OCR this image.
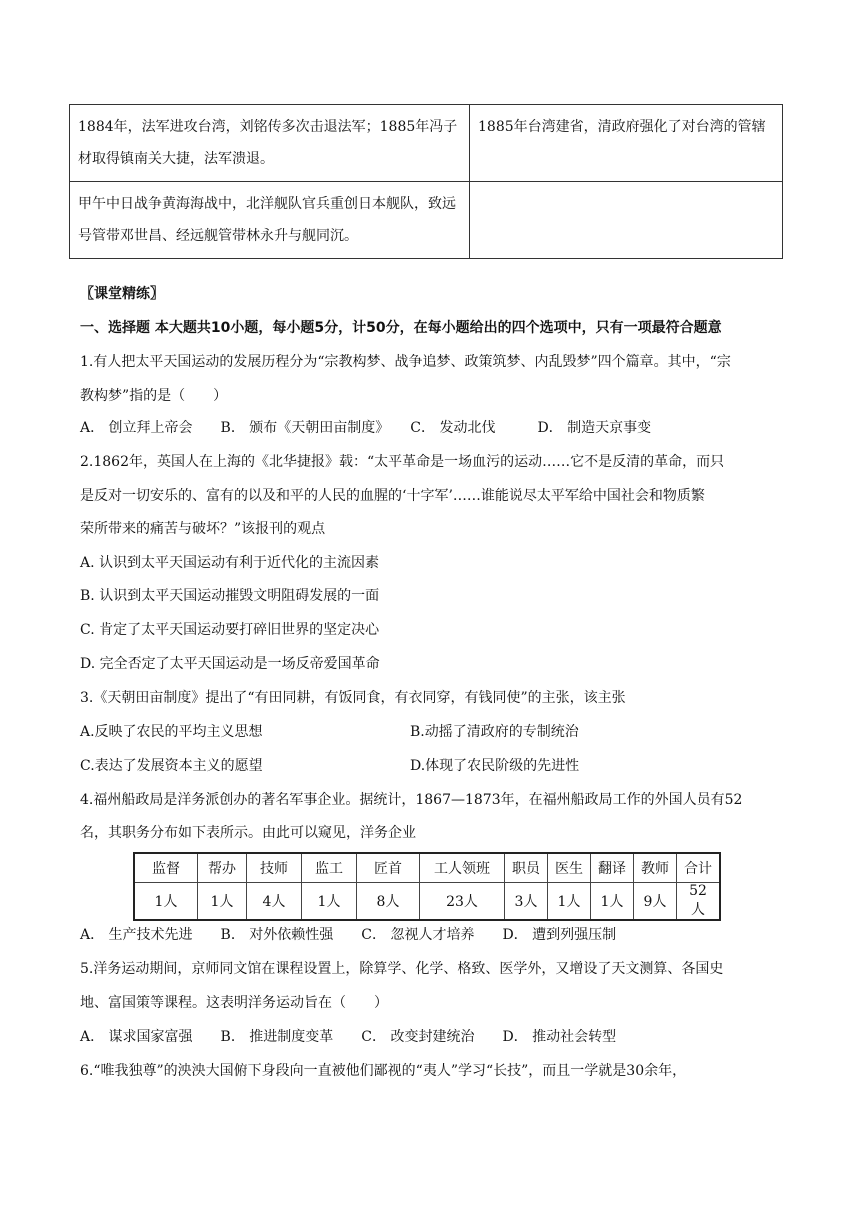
1884年，法军进攻台湾，刘铭传多次击退法军；1885年冯子材取得镇南关大捷，法军溃退。	1885年台湾建省，清政府强化了对台湾的管辖
甲午中日战争黄海海战中，北洋舰队官兵重创日本舰队，致远号管带邓世昌、经远舰管带林永升与舰同沉。	
〖课堂精练〗
一、选择题 本大题共10小题，每小题5分，计50分，在每小题给出的四个选项中，只有一项最符合题意
1.有人把太平天国运动的发展历程分为“宗教构梦、战争追梦、政策筑梦、内乱毁梦”四个篇章。其中，“宗
教构梦”指的是（　　）
A． 创立拜上帝会　　B． 颁布《天朝田亩制度》　　C． 发动北伐　　　D． 制造天京事变
2.1862年，英国人在上海的《北华捷报》载：“太平革命是一场血污的运动……它不是反清的革命，而只
是反对一切安乐的、富有的以及和平的人民的血腥的‘十字军’……谁能说尽太平军给中国社会和物质繁
荣所带来的痛苦与破坏？”该报刊的观点
A. 认识到太平天国运动有利于近代化的主流因素
B. 认识到太平天国运动摧毁文明阻碍发展的一面
C. 肯定了太平天国运动要打碎旧世界的坚定决心
D. 完全否定了太平天国运动是一场反帝爱国革命
3.《天朝田亩制度》提出了“有田同耕，有饭同食，有衣同穿，有钱同使”的主张，该主张
A.反映了农民的平均主义思想	B.动摇了清政府的专制统治
C.表达了发展资本主义的愿望	D.体现了农民阶级的先进性
4.福州船政局是洋务派创办的著名军事企业。据统计，1867—1873年，在福州船政局工作的外国人员有52
名，其职务分布如下表所示。由此可以窥见，洋务企业
监督	帮办	技师	监工	匠首	工人领班	职员	医生	翻译	教师	合计
1人	1人	4人	1人	8人	23人	3人	1人	1人	9人	52人
A． 生产技术先进　　B． 对外依赖性强　　C． 忽视人才培养　　D． 遭到列强压制
5.洋务运动期间，京师同文馆在课程设置上，除算学、化学、格致、医学外，又增设了天文测算、各国史
地、富国策等课程。这表明洋务运动旨在（　　）
A． 谋求国家富强　　B． 推进制度变革　　C． 改变封建统治　　D． 推动社会转型
6.“唯我独尊”的泱泱大国俯下身段向一直被他们鄙视的“夷人”学习“长技”，而且一学就是30余年，
